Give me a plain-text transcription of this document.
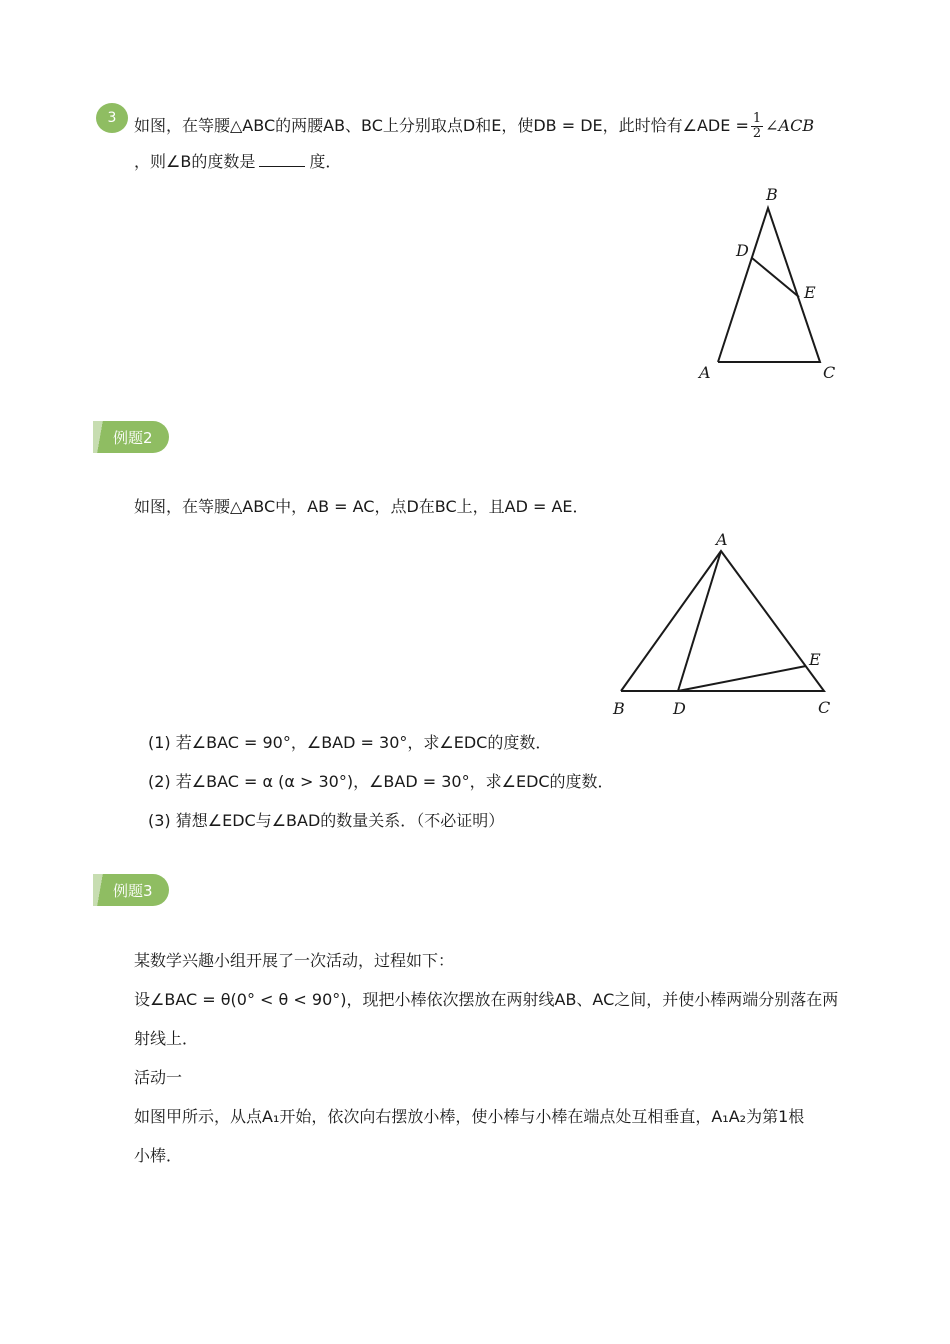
3	如图，在等腰△ABC的两腰AB、BC上分别取点D和E，使DB = DE，此时恰有∠ADE = $\frac{1}{2}$ ∠ACB
，则∠B的度数是	度．
B
D
E
A	C
例题2
如图，在等腰△ABC中，AB = AC，点D在BC上，且AD = AE．
A
E
B	D	C
(1) 若∠BAC = 90°，∠BAD = 30°，求∠EDC的度数．
(2) 若∠BAC = α (α > 30°)，∠BAD = 30°，求∠EDC的度数．
(3) 猜想∠EDC与∠BAD的数量关系．（不必证明）
例题3
某数学兴趣小组开展了一次活动，过程如下：
设∠BAC = θ(0° < θ < 90°)，现把小棒依次摆放在两射线AB、AC之间，并使小棒两端分别落在两
射线上．
活动一
如图甲所示，从点A₁开始，依次向右摆放小棒，使小棒与小棒在端点处互相垂直，A₁A₂为第1根
小棒．
